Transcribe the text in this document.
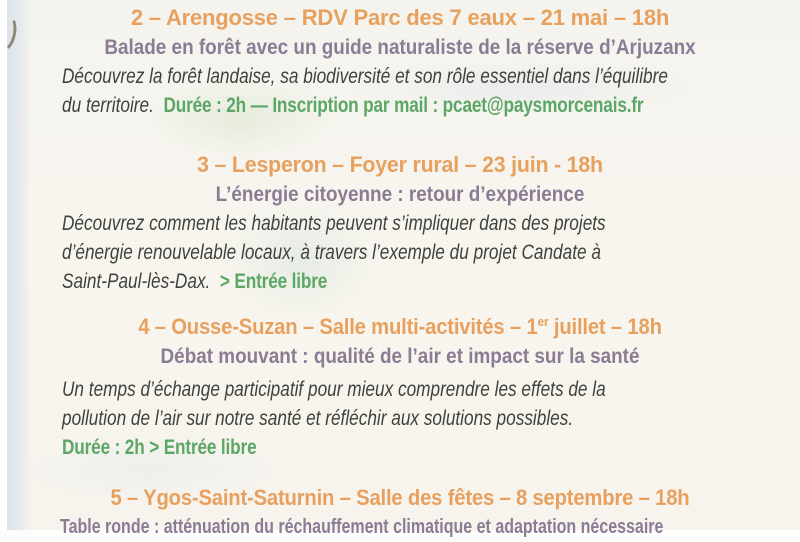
2 – Arengosse – RDV Parc des 7 eaux – 21 mai – 18h
Balade en forêt avec un guide naturaliste de la réserve d’Arjuzanx
Découvrez la forêt landaise, sa biodiversité et son rôle essentiel dans l’équilibre
du territoire. Durée : 2h — Inscription par mail : pcaet@paysmorcenais.fr
3 – Lesperon – Foyer rural – 23 juin - 18h
L’énergie citoyenne : retour d’expérience
Découvrez comment les habitants peuvent s’impliquer dans des projets
d’énergie renouvelable locaux, à travers l’exemple du projet Candate à
Saint-Paul-lès-Dax. > Entrée libre
4 – Ousse-Suzan – Salle multi-activités – 1er juillet – 18h
Débat mouvant : qualité de l’air et impact sur la santé
Un temps d’échange participatif pour mieux comprendre les effets de la
pollution de l’air sur notre santé et réfléchir aux solutions possibles.
Durée : 2h > Entrée libre
5 – Ygos-Saint-Saturnin – Salle des fêtes – 8 septembre – 18h
Table ronde : atténuation du réchauffement climatique et adaptation nécessaire
